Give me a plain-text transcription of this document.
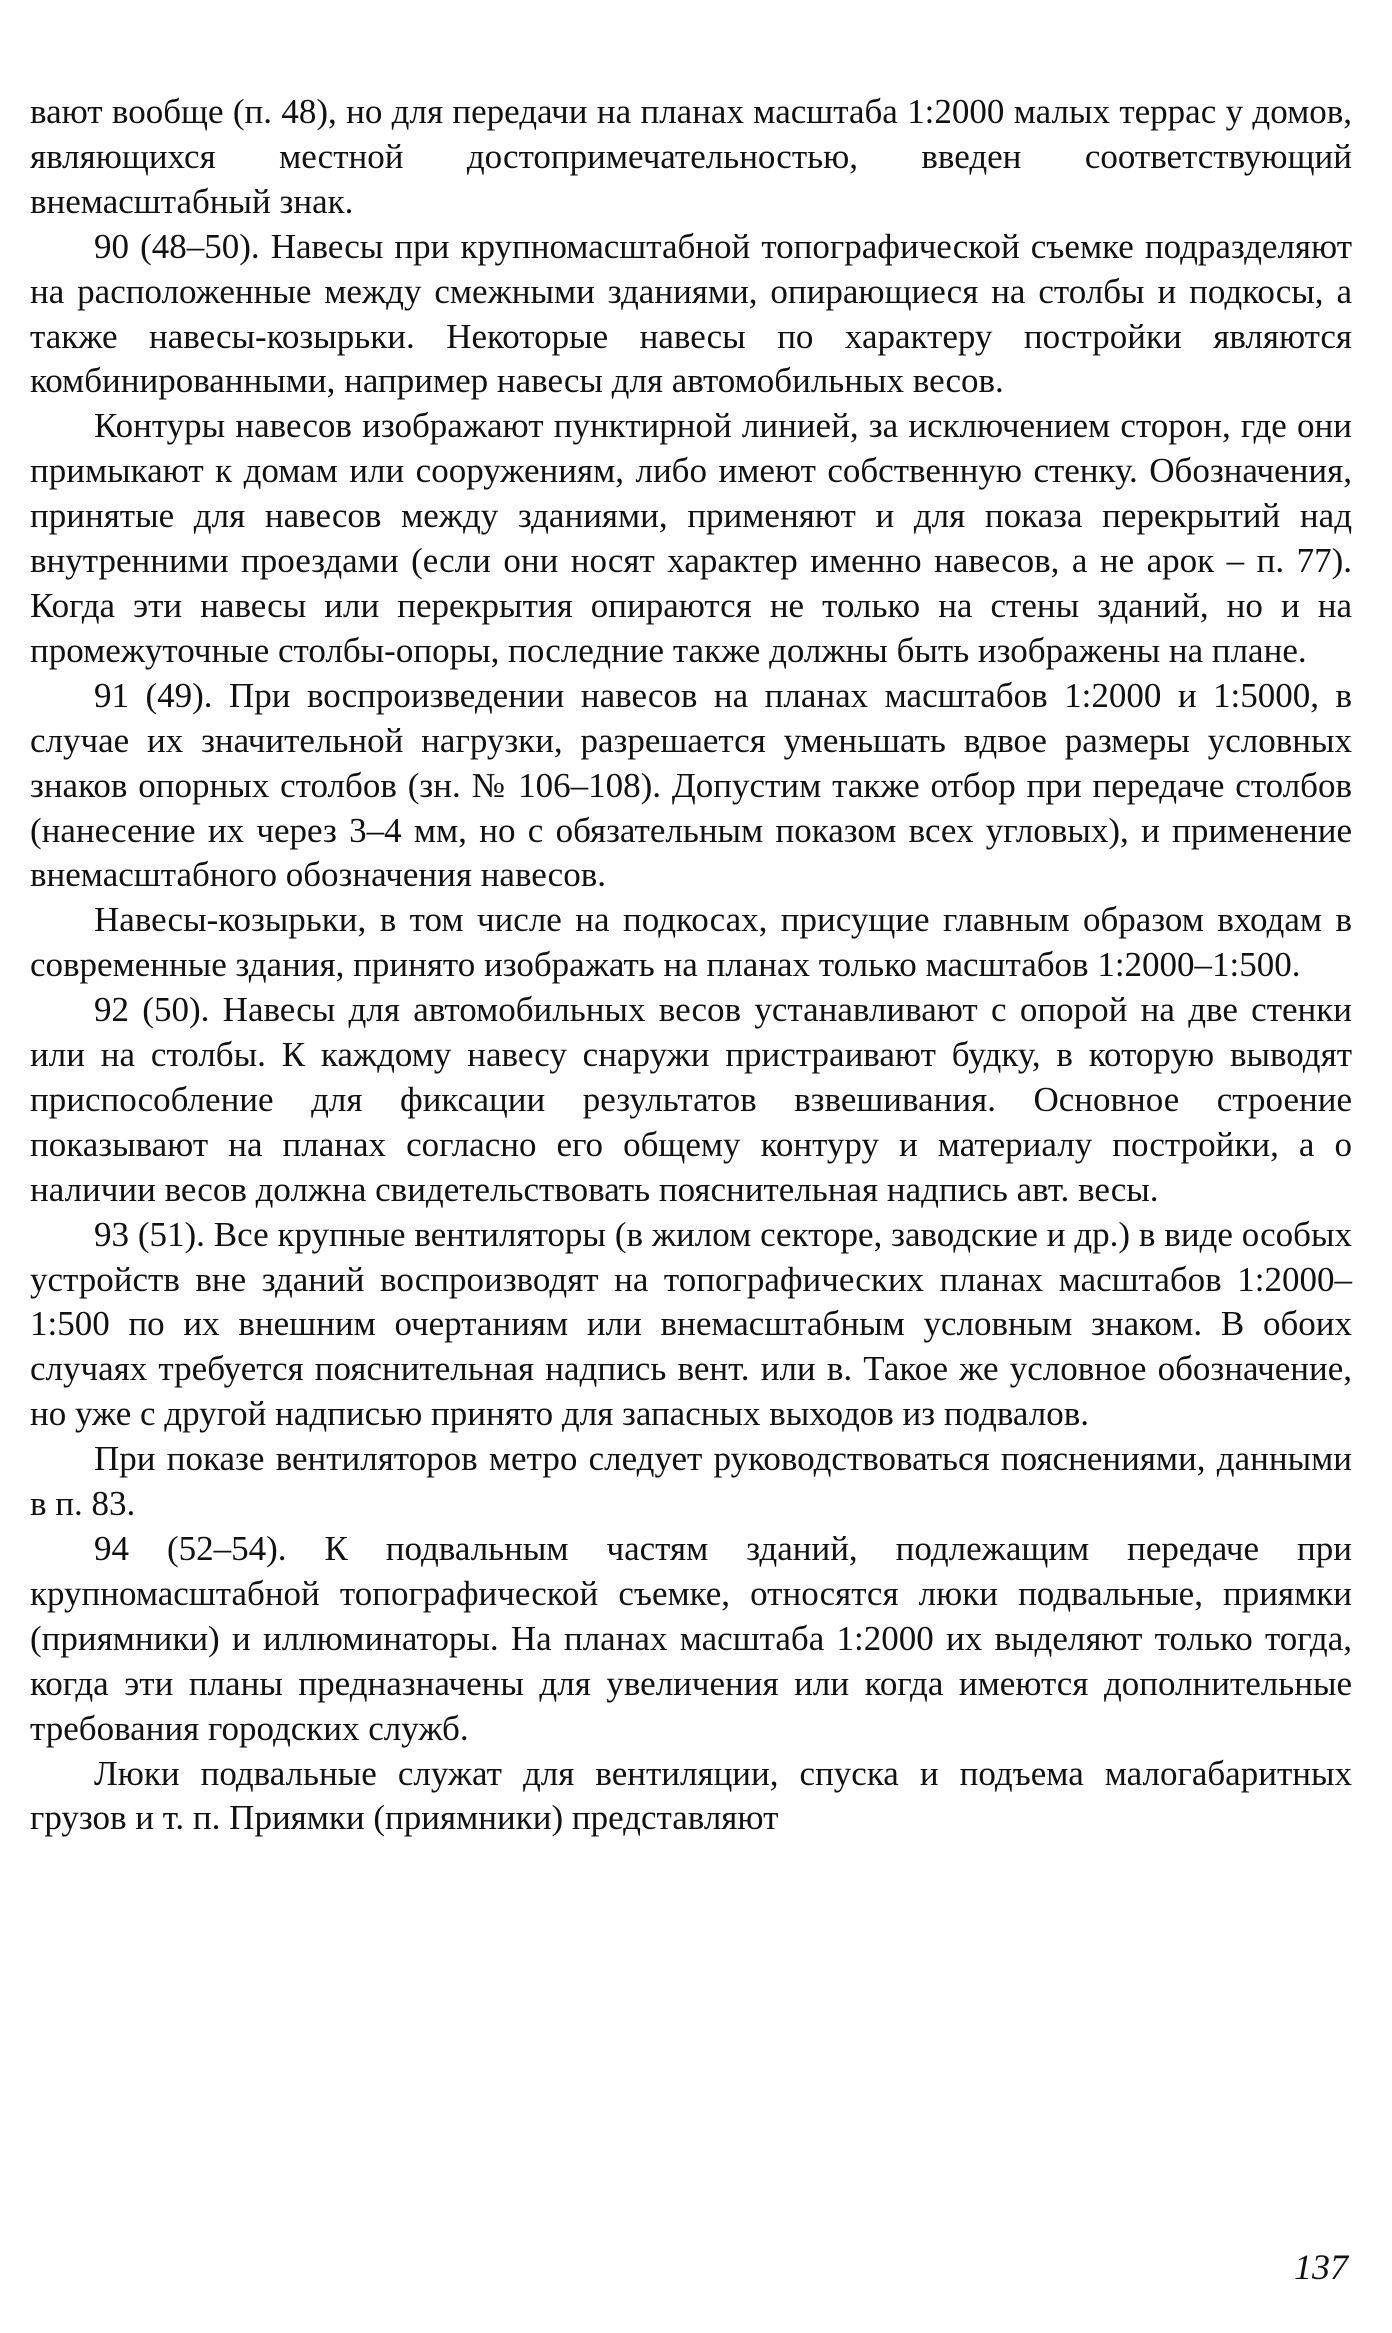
вают вообще (п. 48), но для передачи на планах масштаба 1:2000 малых террас у домов, являющихся местной достопримечательностью, введен соответствующий внемасштабный знак.

90 (48–50). Навесы при крупномасштабной топографической съемке подразделяют на расположенные между смежными зданиями, опирающиеся на столбы и подкосы, а также навесы-козырьки. Некоторые навесы по характеру постройки являются комбинированными, например навесы для автомобильных весов.

Контуры навесов изображают пунктирной линией, за исключением сторон, где они примыкают к домам или сооружениям, либо имеют собственную стенку. Обозначения, принятые для навесов между зданиями, применяют и для показа перекрытий над внутренними проездами (если они носят характер именно навесов, а не арок – п. 77). Когда эти навесы или перекрытия опираются не только на стены зданий, но и на промежуточные столбы-опоры, последние также должны быть изображены на плане.

91 (49). При воспроизведении навесов на планах масштабов 1:2000 и 1:5000, в случае их значительной нагрузки, разрешается уменьшать вдвое размеры условных знаков опорных столбов (зн. № 106–108). Допустим также отбор при передаче столбов (нанесение их через 3–4 мм, но с обязательным показом всех угловых), и применение внемасштабного обозначения навесов.

Навесы-козырьки, в том числе на подкосах, присущие главным образом входам в современные здания, принято изображать на планах только масштабов 1:2000–1:500.

92 (50). Навесы для автомобильных весов устанавливают с опорой на две стенки или на столбы. К каждому навесу снаружи пристраивают будку, в которую выводят приспособление для фиксации результатов взвешивания. Основное строение показывают на планах согласно его общему контуру и материалу постройки, а о наличии весов должна свидетельствовать пояснительная надпись авт. весы.

93 (51). Все крупные вентиляторы (в жилом секторе, заводские и др.) в виде особых устройств вне зданий воспроизводят на топографических планах масштабов 1:2000–1:500 по их внешним очертаниям или внемасштабным условным знаком. В обоих случаях требуется пояснительная надпись вент. или в. Такое же условное обозначение, но уже с другой надписью принято для запасных выходов из подвалов.

При показе вентиляторов метро следует руководствоваться пояснениями, данными в п. 83.

94 (52–54). К подвальным частям зданий, подлежащим передаче при крупномасштабной топографической съемке, относятся люки подвальные, приямки (приямники) и иллюминаторы. На планах масштаба 1:2000 их выделяют только тогда, когда эти планы предназначены для увеличения или когда имеются дополнительные требования городских служб.

Люки подвальные служат для вентиляции, спуска и подъема малогабаритных грузов и т. п. Приямки (приямники) представляют

137
